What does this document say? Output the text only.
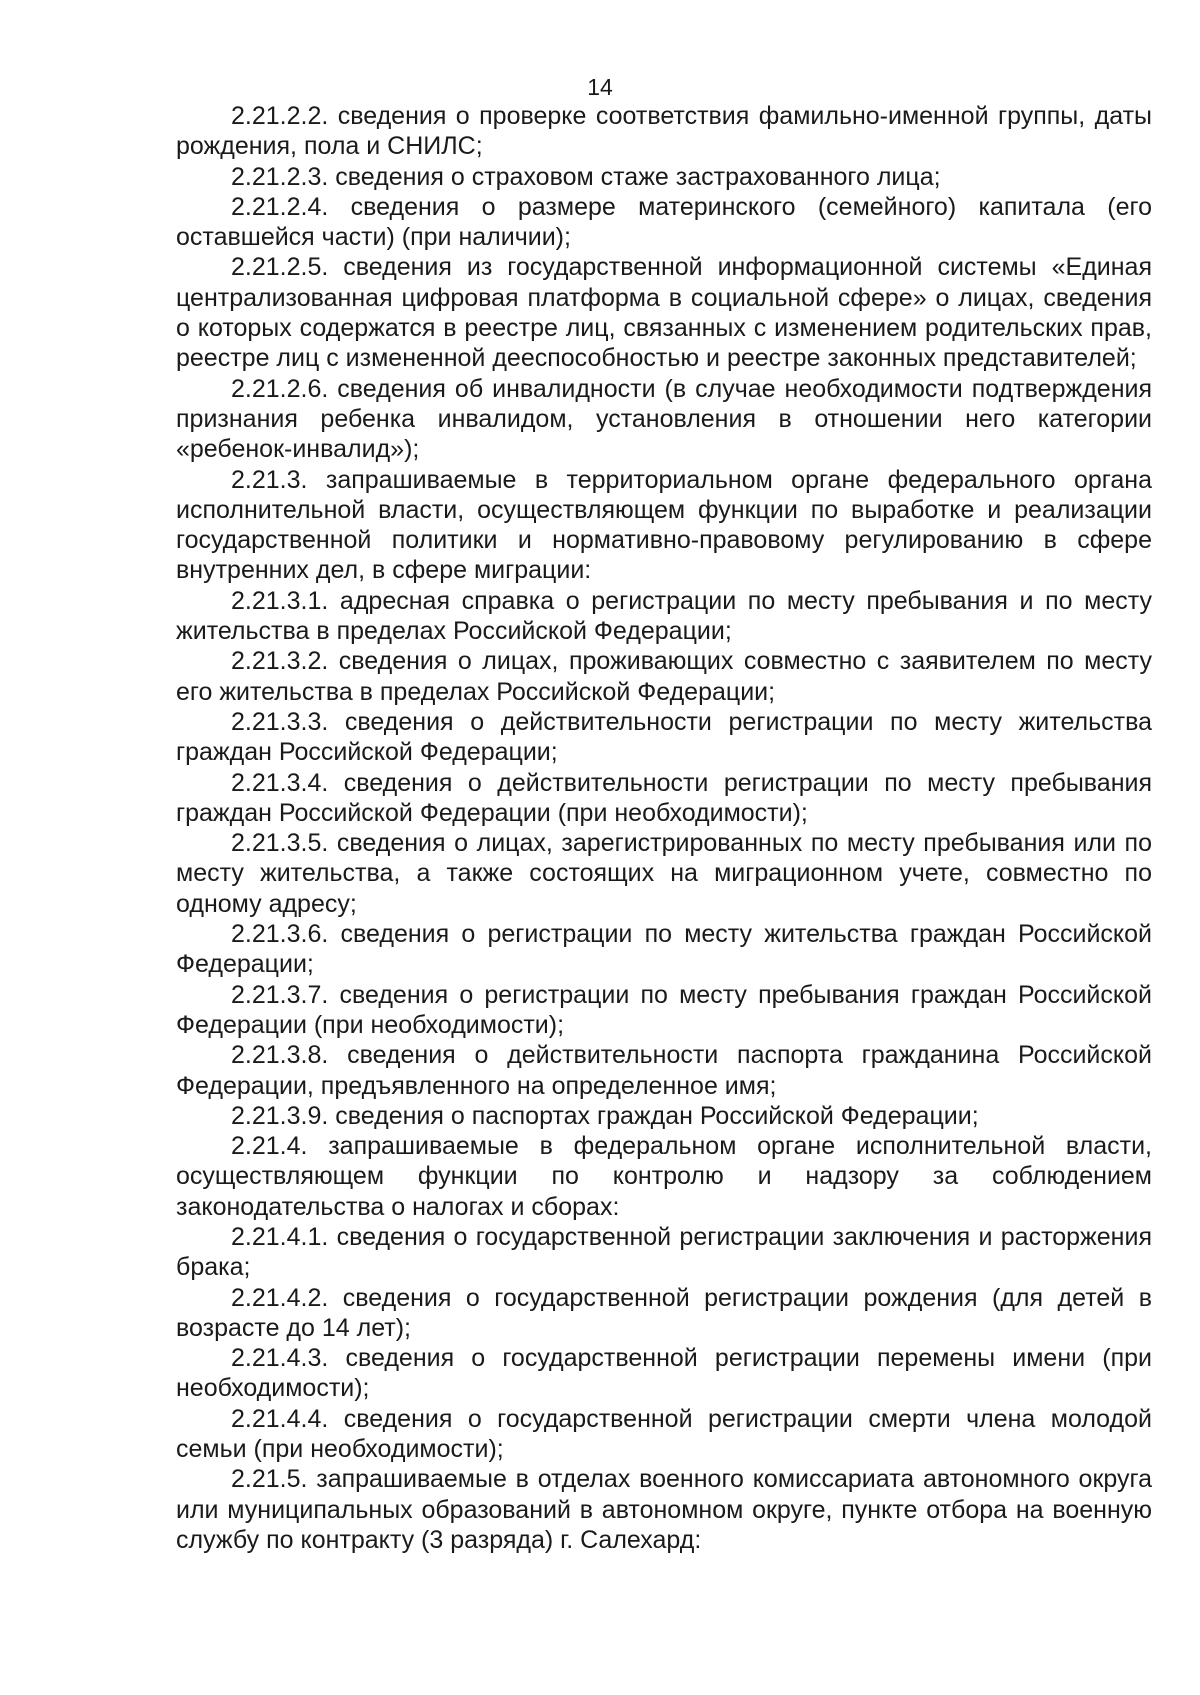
14

2.21.2.2. сведения о проверке соответствия фамильно-именной группы, даты рождения, пола и СНИЛС;

2.21.2.3. сведения о страховом стаже застрахованного лица;

2.21.2.4. сведения о размере материнского (семейного) капитала (его оставшейся части) (при наличии);

2.21.2.5. сведения из государственной информационной системы «Единая централизованная цифровая платформа в социальной сфере» о лицах, сведения о которых содержатся в реестре лиц, связанных с изменением родительских прав, реестре лиц с измененной дееспособностью и реестре законных представителей;

2.21.2.6. сведения об инвалидности (в случае необходимости подтверждения признания ребенка инвалидом, установления в отношении него категории «ребенок-инвалид»);

2.21.3. запрашиваемые в территориальном органе федерального органа исполнительной власти, осуществляющем функции по выработке и реализации государственной политики и нормативно-правовому регулированию в сфере внутренних дел, в сфере миграции:

2.21.3.1. адресная справка о регистрации по месту пребывания и по месту жительства в пределах Российской Федерации;

2.21.3.2. сведения о лицах, проживающих совместно с заявителем по месту его жительства в пределах Российской Федерации;

2.21.3.3. сведения о действительности регистрации по месту жительства граждан Российской Федерации;

2.21.3.4. сведения о действительности регистрации по месту пребывания граждан Российской Федерации (при необходимости);

2.21.3.5. сведения о лицах, зарегистрированных по месту пребывания или по месту жительства, а также состоящих на миграционном учете, совместно по одному адресу;

2.21.3.6. сведения о регистрации по месту жительства граждан Российской Федерации;

2.21.3.7. сведения о регистрации по месту пребывания граждан Российской Федерации (при необходимости);

2.21.3.8. сведения о действительности паспорта гражданина Российской Федерации, предъявленного на определенное имя;

2.21.3.9. сведения о паспортах граждан Российской Федерации;

2.21.4. запрашиваемые в федеральном органе исполнительной власти, осуществляющем функции по контролю и надзору за соблюдением законодательства о налогах и сборах:

2.21.4.1. сведения о государственной регистрации заключения и расторжения брака;

2.21.4.2. сведения о государственной регистрации рождения (для детей в возрасте до 14 лет);

2.21.4.3. сведения о государственной регистрации перемены имени (при необходимости);

2.21.4.4. сведения о государственной регистрации смерти члена молодой семьи (при необходимости);

2.21.5. запрашиваемые в отделах военного комиссариата автономного округа или муниципальных образований в автономном округе, пункте отбора на военную службу по контракту (3 разряда) г. Салехард:
